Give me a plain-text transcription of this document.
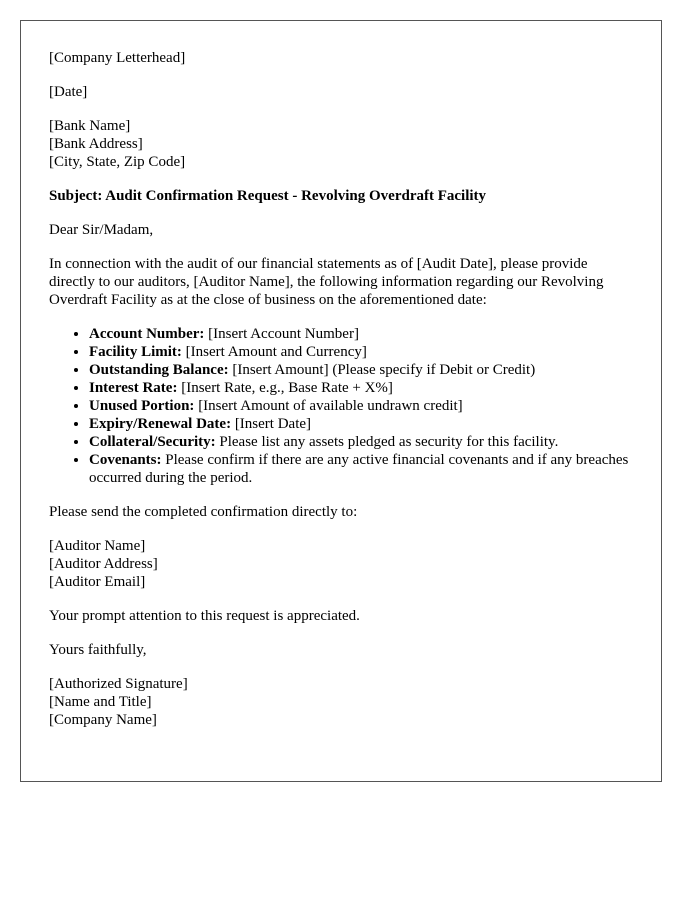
[Company Letterhead]
[Date]
[Bank Name]
[Bank Address]
[City, State, Zip Code]
Subject: Audit Confirmation Request - Revolving Overdraft Facility
Dear Sir/Madam,
In connection with the audit of our financial statements as of [Audit Date], please provide directly to our auditors, [Auditor Name], the following information regarding our Revolving Overdraft Facility as at the close of business on the aforementioned date:
• Account Number: [Insert Account Number]
• Facility Limit: [Insert Amount and Currency]
• Outstanding Balance: [Insert Amount] (Please specify if Debit or Credit)
• Interest Rate: [Insert Rate, e.g., Base Rate + X%]
• Unused Portion: [Insert Amount of available undrawn credit]
• Expiry/Renewal Date: [Insert Date]
• Collateral/Security: Please list any assets pledged as security for this facility.
• Covenants: Please confirm if there are any active financial covenants and if any breaches occurred during the period.
Please send the completed confirmation directly to:
[Auditor Name]
[Auditor Address]
[Auditor Email]
Your prompt attention to this request is appreciated.
Yours faithfully,
[Authorized Signature]
[Name and Title]
[Company Name]
